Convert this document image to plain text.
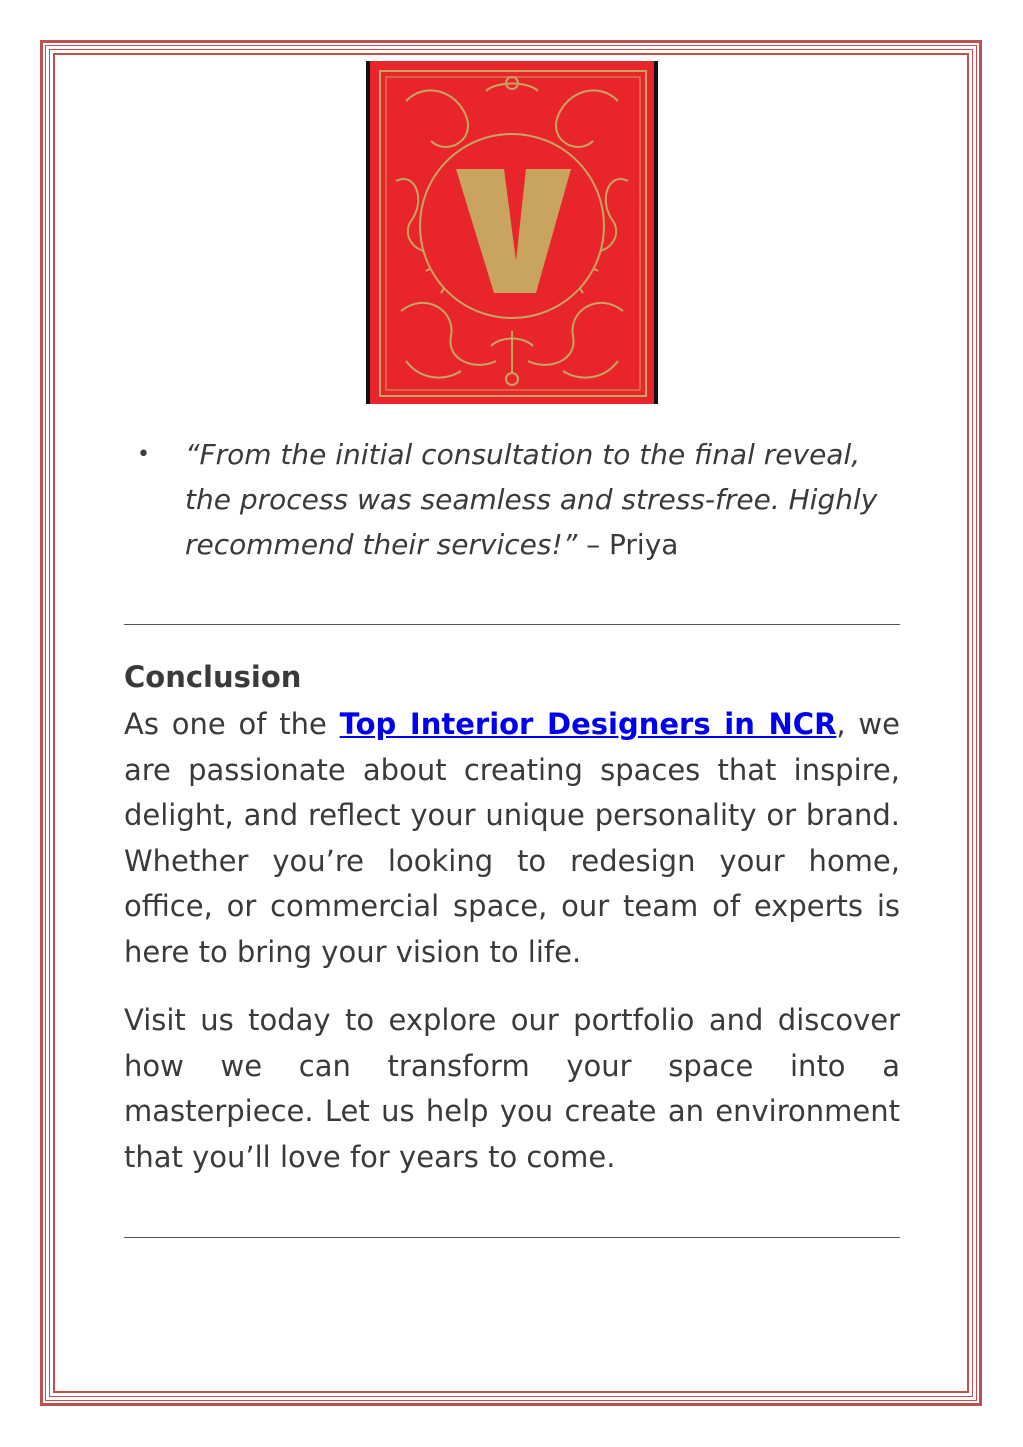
• “From the initial consultation to the final reveal, the process was seamless and stress-free. Highly recommend their services!” – Priya
Conclusion

As one of the Top Interior Designers in NCR, we are passionate about creating spaces that inspire, delight, and reflect your unique personality or brand. Whether you’re looking to redesign your home, office, or commercial space, our team of experts is here to bring your vision to life.

Visit us today to explore our portfolio and discover how we can transform your space into a masterpiece. Let us help you create an environment that you’ll love for years to come.
